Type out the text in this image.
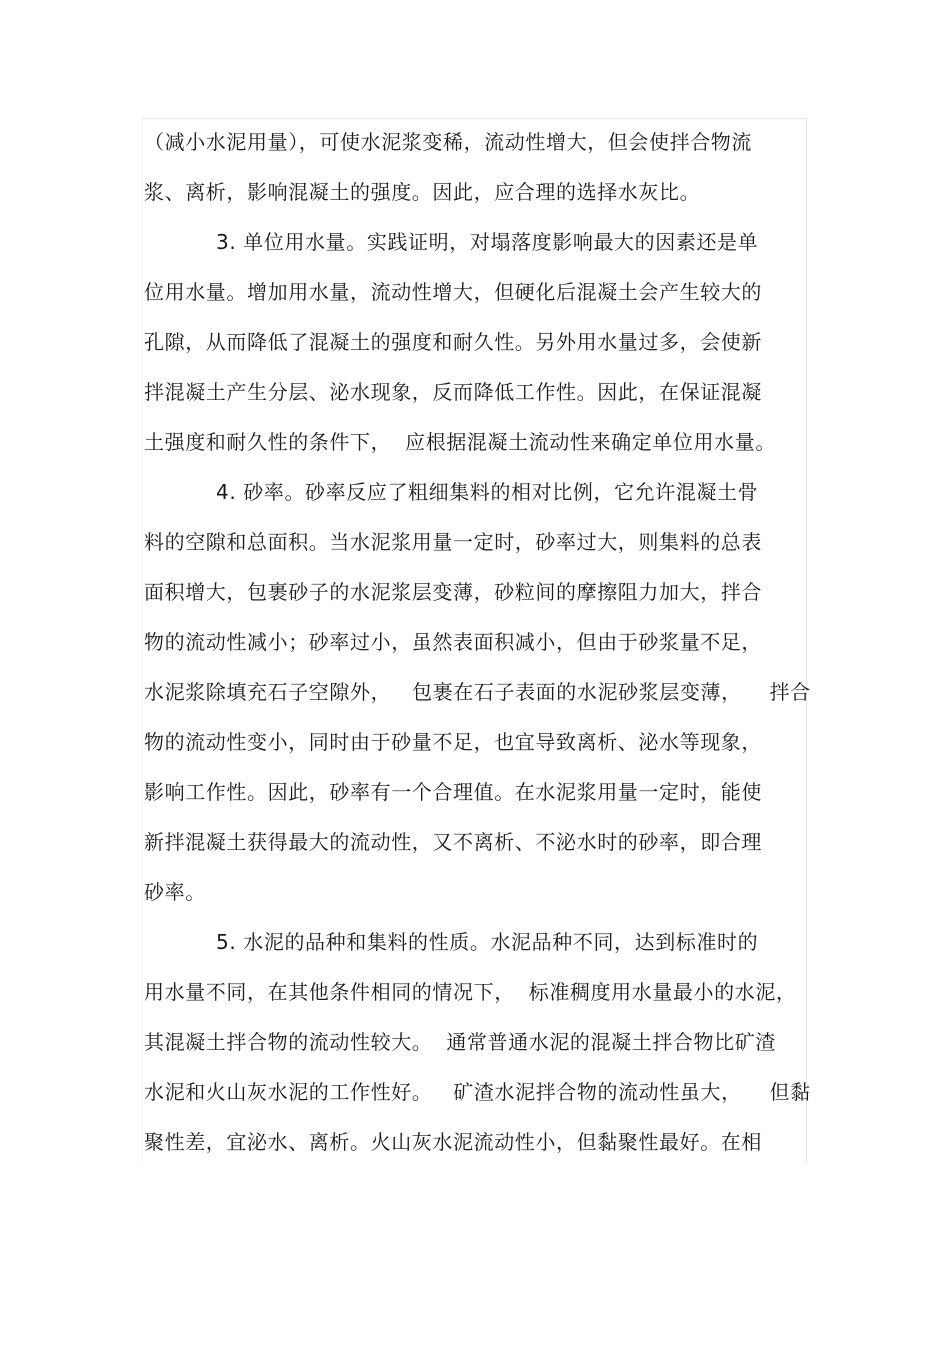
（减小水泥用量），可使水泥浆变稀，流动性增大，但会使拌合物流
浆、离析，影响混凝土的强度。因此，应合理的选择水灰比。
3. 单位用水量。实践证明，对塌落度影响最大的因素还是单
位用水量。增加用水量，流动性增大，但硬化后混凝土会产生较大的
孔隙，从而降低了混凝土的强度和耐久性。另外用水量过多，会使新
拌混凝土产生分层、泌水现象，反而降低工作性。因此，在保证混凝
土强度和耐久性的条件下，  应根据混凝土流动性来确定单位用水量。
4. 砂率。砂率反应了粗细集料的相对比例，它允许混凝土骨
料的空隙和总面积。当水泥浆用量一定时，砂率过大，则集料的总表
面积增大，包裹砂子的水泥浆层变薄，砂粒间的摩擦阻力加大，拌合
物的流动性减小；砂率过小，虽然表面积减小，但由于砂浆量不足，
水泥浆除填充石子空隙外，   包裹在石子表面的水泥砂浆层变薄，    拌合
物的流动性变小，同时由于砂量不足，也宜导致离析、泌水等现象，
影响工作性。因此，砂率有一个合理值。在水泥浆用量一定时，能使
新拌混凝土获得最大的流动性，又不离析、不泌水时的砂率，即合理
砂率。
5. 水泥的品种和集料的性质。水泥品种不同，达到标准时的
用水量不同，在其他条件相同的情况下，  标准稠度用水量最小的水泥，
其混凝土拌合物的流动性较大。  通常普通水泥的混凝土拌合物比矿渣
水泥和火山灰水泥的工作性好。   矿渣水泥拌合物的流动性虽大，    但黏
聚性差，宜泌水、离析。火山灰水泥流动性小，但黏聚性最好。在相
